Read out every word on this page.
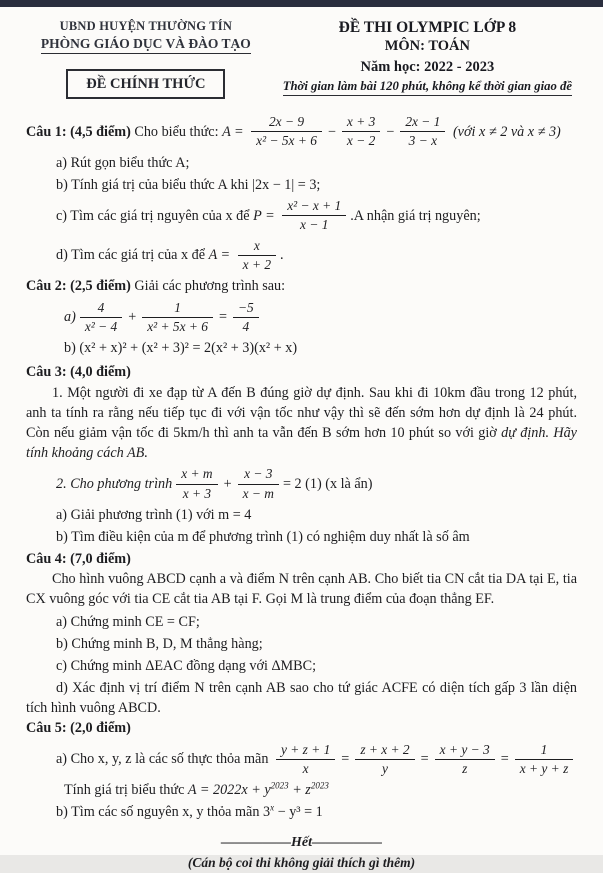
UBND HUYỆN THƯỜNG TÍN
PHÒNG GIÁO DỤC VÀ ĐÀO TẠO
ĐỀ CHÍNH THỨC
ĐỀ THI OLYMPIC LỚP 8
MÔN: TOÁN
Năm học: 2022 - 2023
Thời gian làm bài 120 phút, không kể thời gian giao đề
Câu 1: (4,5 điểm) Cho biểu thức: $A = \frac{2x - 9}{\text{x² − 5x + 6}} - \frac{x + 3}{x - 2} - \frac{2x - 1}{3 - x}$ (với x ≠ 2 và x ≠ 3)

a) Rút gọn biểu thức A;

b) Tính giá trị của biểu thức A khi |2x − 1| = 3;

c) Tìm các giá trị nguyên của x để $P = \frac{\text{x² − x + 1}}{x - 1} .A$ nhận giá trị nguyên;
d) Tìm các giá trị của x để $A = \frac{x}{x + 2}$ .

Câu 2: (2,5 điểm) Giải các phương trình sau:

$a) \frac{4}{\text{x² − 4}} + \frac{1}{\text{x² + 5x + 6}} = \frac{-5}{4}$

b) (x² + x)² + (x² + 3)² = 2(x² + 3)(x² + x)

Câu 3: (4,0 điểm)

1. Một người đi xe đạp từ A đến B đúng giờ dự định. Sau khi đi 10km đầu trong 12 phút, anh ta tính ra rằng nếu tiếp tục đi với vận tốc như vậy thì sẽ đến sớm hơn dự định là 24 phút. Còn nếu giảm vận tốc đi 5km/h thì anh ta vẫn đến B sớm hơn 10 phút so với giờ dự định. Hãy tính khoảng cách AB.

2. Cho phương trình $\frac{x + m}{x + 3} + \frac{x - 3}{x - m} = 2$ (1) (x là ẩn)

a) Giải phương trình (1) với m = 4

b) Tìm điều kiện của m để phương trình (1) có nghiệm duy nhất là số âm

Câu 4: (7,0 điểm)

Cho hình vuông ABCD cạnh a và điểm N trên cạnh AB. Cho biết tia CN cắt tia DA tại E, tia CX vuông góc với tia CE cắt tia AB tại F. Gọi M là trung điểm của đoạn thẳng EF.

a) Chứng minh CE = CF;

b) Chứng minh B, D, M thẳng hàng;

c) Chứng minh ΔEAC đồng dạng với ΔMBC;

d) Xác định vị trí điểm N trên cạnh AB sao cho tứ giác ACFE có diện tích gấp 3 lần diện tích hình vuông ABCD.

Câu 5: (2,0 điểm)

a) Cho x, y, z là các số thực thỏa mãn $\frac{y + z + 1}{x} = \frac{z + x + 2}{y} = \frac{x + y - 3}{z} = \frac{1}{x + y + z}$

Tính giá trị biểu thức $A = 2022x + y^{2023} + z^{2023}$

b) Tìm các số nguyên x, y thỏa mãn $3^x - y^3 = 1$

—————Hết—————
(Cán bộ coi thi không giải thích gì thêm)
